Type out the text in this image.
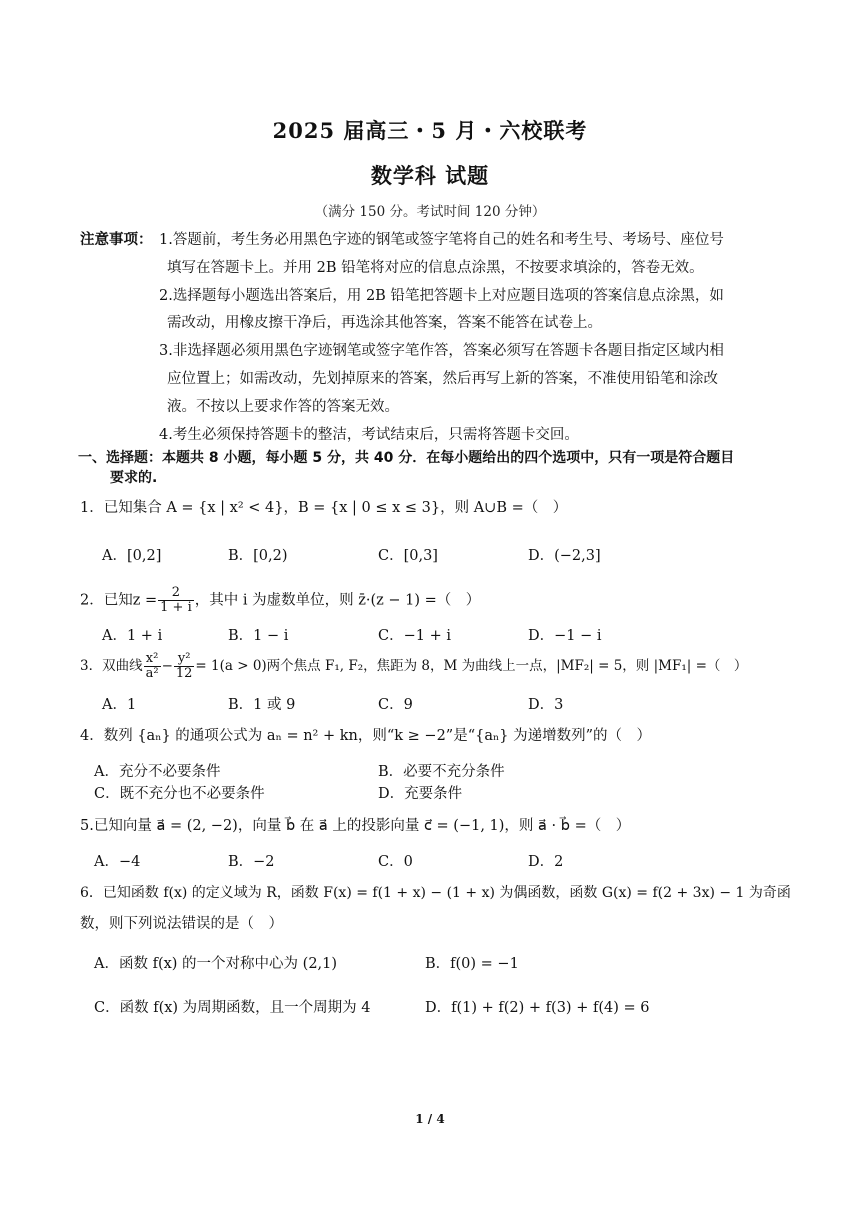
2025 届高三・5 月・六校联考
数学科 试题
（满分 150 分。考试时间 120 分钟）
注意事项： 1.答题前，考生务必用黑色字迹的钢笔或签字笔将自己的姓名和考生号、考场号、座位号
填写在答题卡上。并用 2B 铅笔将对应的信息点涂黑，不按要求填涂的，答卷无效。
2.选择题每小题选出答案后，用 2B 铅笔把答题卡上对应题目选项的答案信息点涂黑，如
需改动，用橡皮擦干净后，再选涂其他答案，答案不能答在试卷上。
3.非选择题必须用黑色字迹钢笔或签字笔作答，答案必须写在答题卡各题目指定区域内相
应位置上；如需改动，先划掉原来的答案，然后再写上新的答案，不准使用铅笔和涂改
液。不按以上要求作答的答案无效。
4.考生必须保持答题卡的整洁，考试结束后，只需将答题卡交回。
一、选择题：本题共 8 小题，每小题 5 分，共 40 分．在每小题给出的四个选项中，只有一项是符合题目
要求的.
1．已知集合 A = {x | x² < 4}，B = {x | 0 ≤ x ≤ 3}，则 A∪B =（　）
A．[0,2]	B．[0,2)	C．[0,3]	D．(−2,3]
2．已知$z = \frac{2}{1 + i}$ ，其中 i 为虚数单位，则 z̄·(z − 1) =（　）
A．1 + i	B．1 − i	C．−1 + i	D．−1 − i
3．双曲线 $\frac{\text{x²}}{\text{a²}} - \frac{\text{y²}}{12} = 1(a > 0)$两个焦点 F₁, F₂，焦距为 8，M 为曲线上一点，|MF₂| = 5，则 |MF₁| =（　）
A．1	B．1 或 9	C．9	D．3
4．数列 {aₙ} 的通项公式为 aₙ = n² + kn，则“k ≥ −2”是“{aₙ} 为递增数列”的（　）
A．充分不必要条件	B．必要不充分条件
C．既不充分也不必要条件	D．充要条件
5.已知向量 a⃗ = (2, −2)，向量 b⃗ 在 a⃗ 上的投影向量 c⃗ = (−1, 1)，则 a⃗ · b⃗ =（　）
A．−4	B．−2	C．0	D．2
6．已知函数 f(x) 的定义域为 R，函数 F(x) = f(1 + x) − (1 + x) 为偶函数，函数 G(x) = f(2 + 3x) − 1 为奇函
数，则下列说法错误的是（　）
A．函数 f(x) 的一个对称中心为 (2,1)	B．f(0) = −1
C．函数 f(x) 为周期函数，且一个周期为 4	D．f(1) + f(2) + f(3) + f(4) = 6
1 / 4
